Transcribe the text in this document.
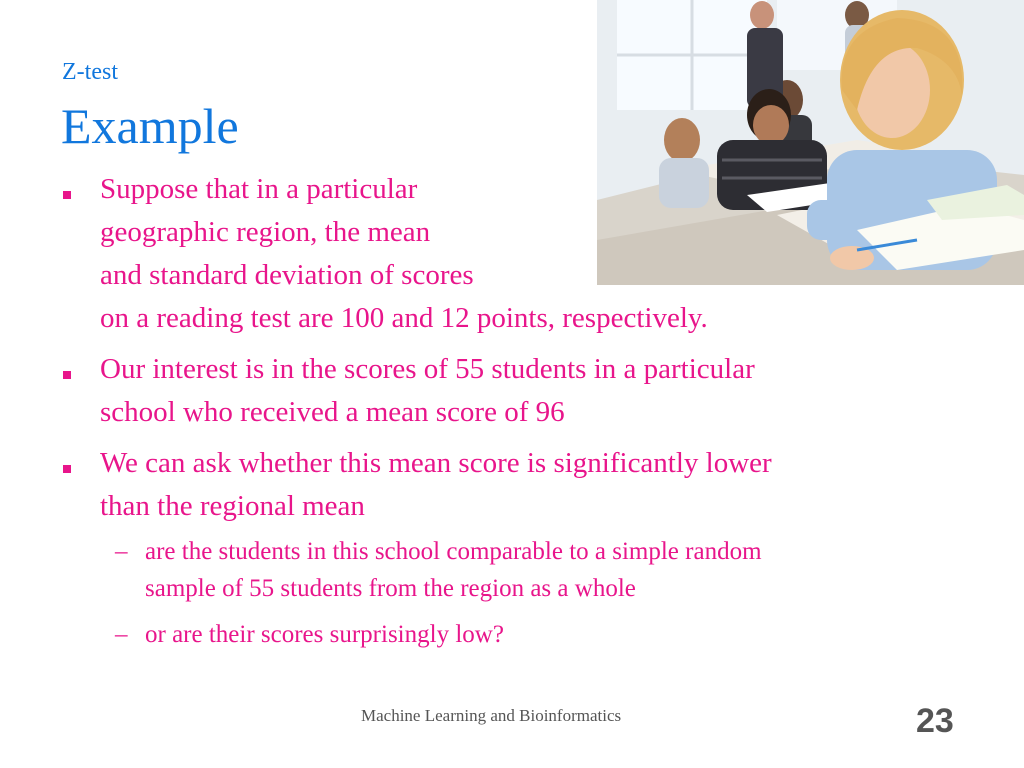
Z-test
Example
Suppose that in a particular
geographic region, the mean
and standard deviation of scores
on a reading test are 100 and 12 points, respectively.
Our interest is in the scores of 55 students in a particular
school who received a mean score of 96
We can ask whether this mean score is significantly lower
than the regional mean
– are the students in this school comparable to a simple random
sample of 55 students from the region as a whole
– or are their scores surprisingly low?
Machine Learning and Bioinformatics	23
